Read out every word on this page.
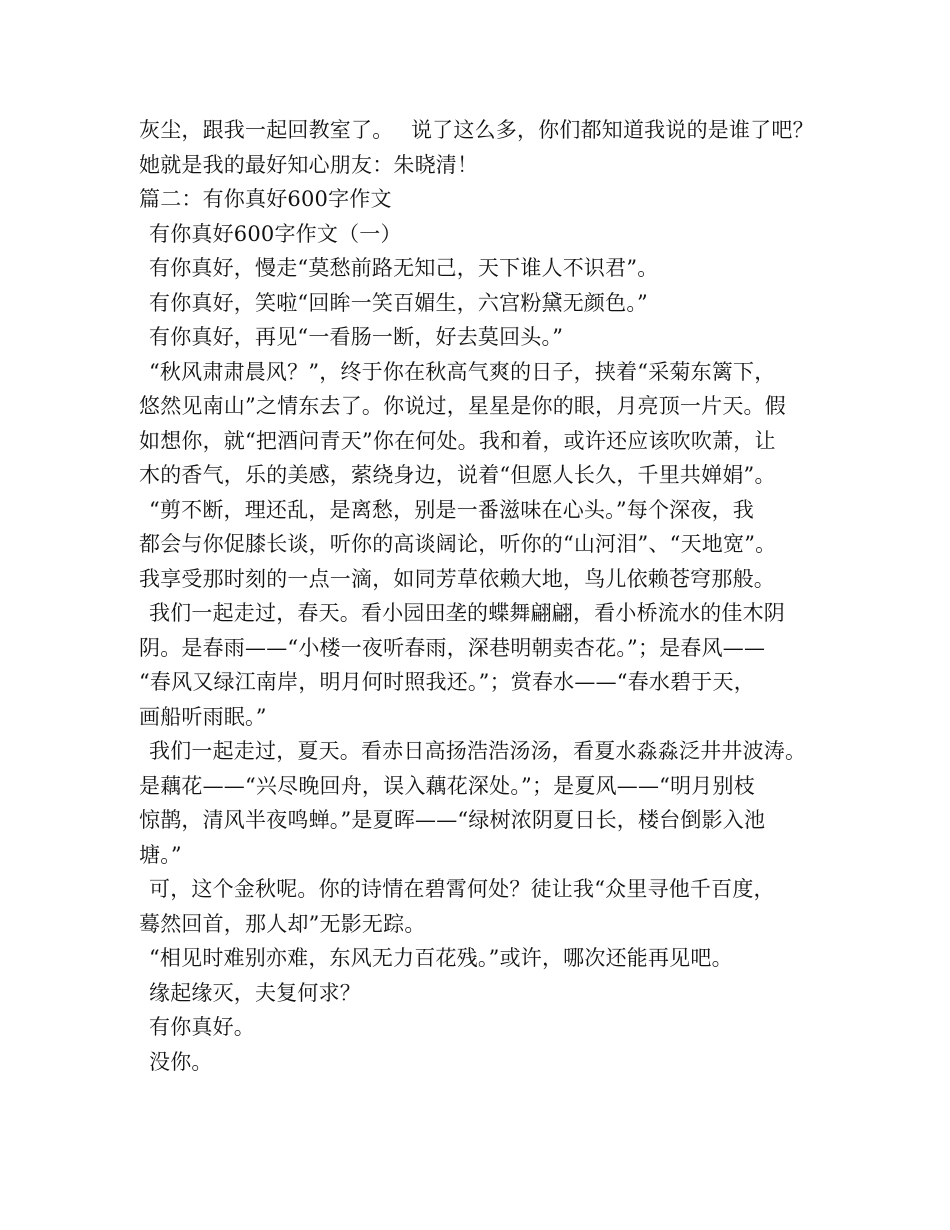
灰尘，跟我一起回教室了。　 说了这么多，你们都知道我说的是谁了吧？
她就是我的最好知心朋友：朱晓清！
篇二：有你真好600字作文
有你真好600字作文（一）
有你真好，慢走“莫愁前路无知己，天下谁人不识君”。
有你真好，笑啦“回眸一笑百媚生，六宫粉黛无颜色。”
有你真好，再见“一看肠一断，好去莫回头。”
“秋风肃肃晨风？”，终于你在秋高气爽的日子，挟着“采菊东篱下，
悠然见南山”之情东去了。你说过，星星是你的眼，月亮顶一片天。假
如想你，就“把酒问青天”你在何处。我和着，或许还应该吹吹萧，让
木的香气，乐的美感，萦绕身边，说着“但愿人长久，千里共婵娟”。
“剪不断，理还乱，是离愁，别是一番滋味在心头。”每个深夜，我
都会与你促膝长谈，听你的高谈阔论，听你的“山河泪”、“天地宽”。
我享受那时刻的一点一滴，如同芳草依赖大地，鸟儿依赖苍穹那般。
我们一起走过，春天。看小园田垄的蝶舞翩翩，看小桥流水的佳木阴
阴。是春雨——“小楼一夜听春雨，深巷明朝卖杏花。”；是春风——
“春风又绿江南岸，明月何时照我还。”；赏春水——“春水碧于天，
画船听雨眠。”
我们一起走过，夏天。看赤日高扬浩浩汤汤，看夏水淼淼泛井井波涛。
是藕花——“兴尽晚回舟，误入藕花深处。”；是夏风——“明月别枝
惊鹊，清风半夜鸣蝉。”是夏晖——“绿树浓阴夏日长，楼台倒影入池
塘。”
可，这个金秋呢。你的诗情在碧霄何处？徒让我“众里寻他千百度，
蓦然回首，那人却”无影无踪。
“相见时难别亦难，东风无力百花残。”或许，哪次还能再见吧。
缘起缘灭，夫复何求？
有你真好。
没你。
